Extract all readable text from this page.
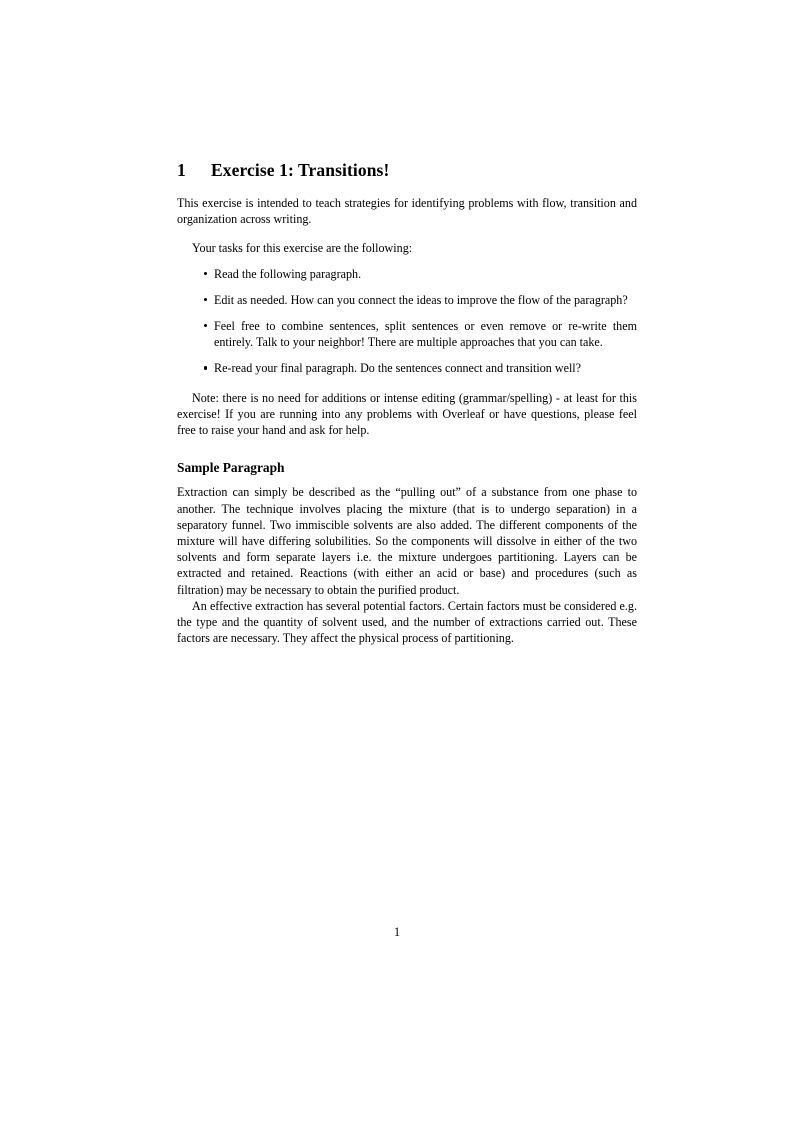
1 Exercise 1: Transitions!

This exercise is intended to teach strategies for identifying problems with flow, transition and organization across writing.

Your tasks for this exercise are the following:

Read the following paragraph.
Edit as needed. How can you connect the ideas to improve the flow of the paragraph?
Feel free to combine sentences, split sentences or even remove or re-write them entirely. Talk to your neighbor! There are multiple approaches that you can take.
Re-read your final paragraph. Do the sentences connect and transition well?

Note: there is no need for additions or intense editing (grammar/spelling) - at least for this exercise! If you are running into any problems with Overleaf or have questions, please feel free to raise your hand and ask for help.

Sample Paragraph

Extraction can simply be described as the “pulling out” of a substance from one phase to another. The technique involves placing the mixture (that is to undergo separation) in a separatory funnel. Two immiscible solvents are also added. The different components of the mixture will have differing solubilities. So the components will dissolve in either of the two solvents and form separate layers i.e. the mixture undergoes partitioning. Layers can be extracted and retained. Reactions (with either an acid or base) and procedures (such as filtration) may be necessary to obtain the purified product.

An effective extraction has several potential factors. Certain factors must be considered e.g. the type and the quantity of solvent used, and the number of extractions carried out. These factors are necessary. They affect the physical process of partitioning.

1
